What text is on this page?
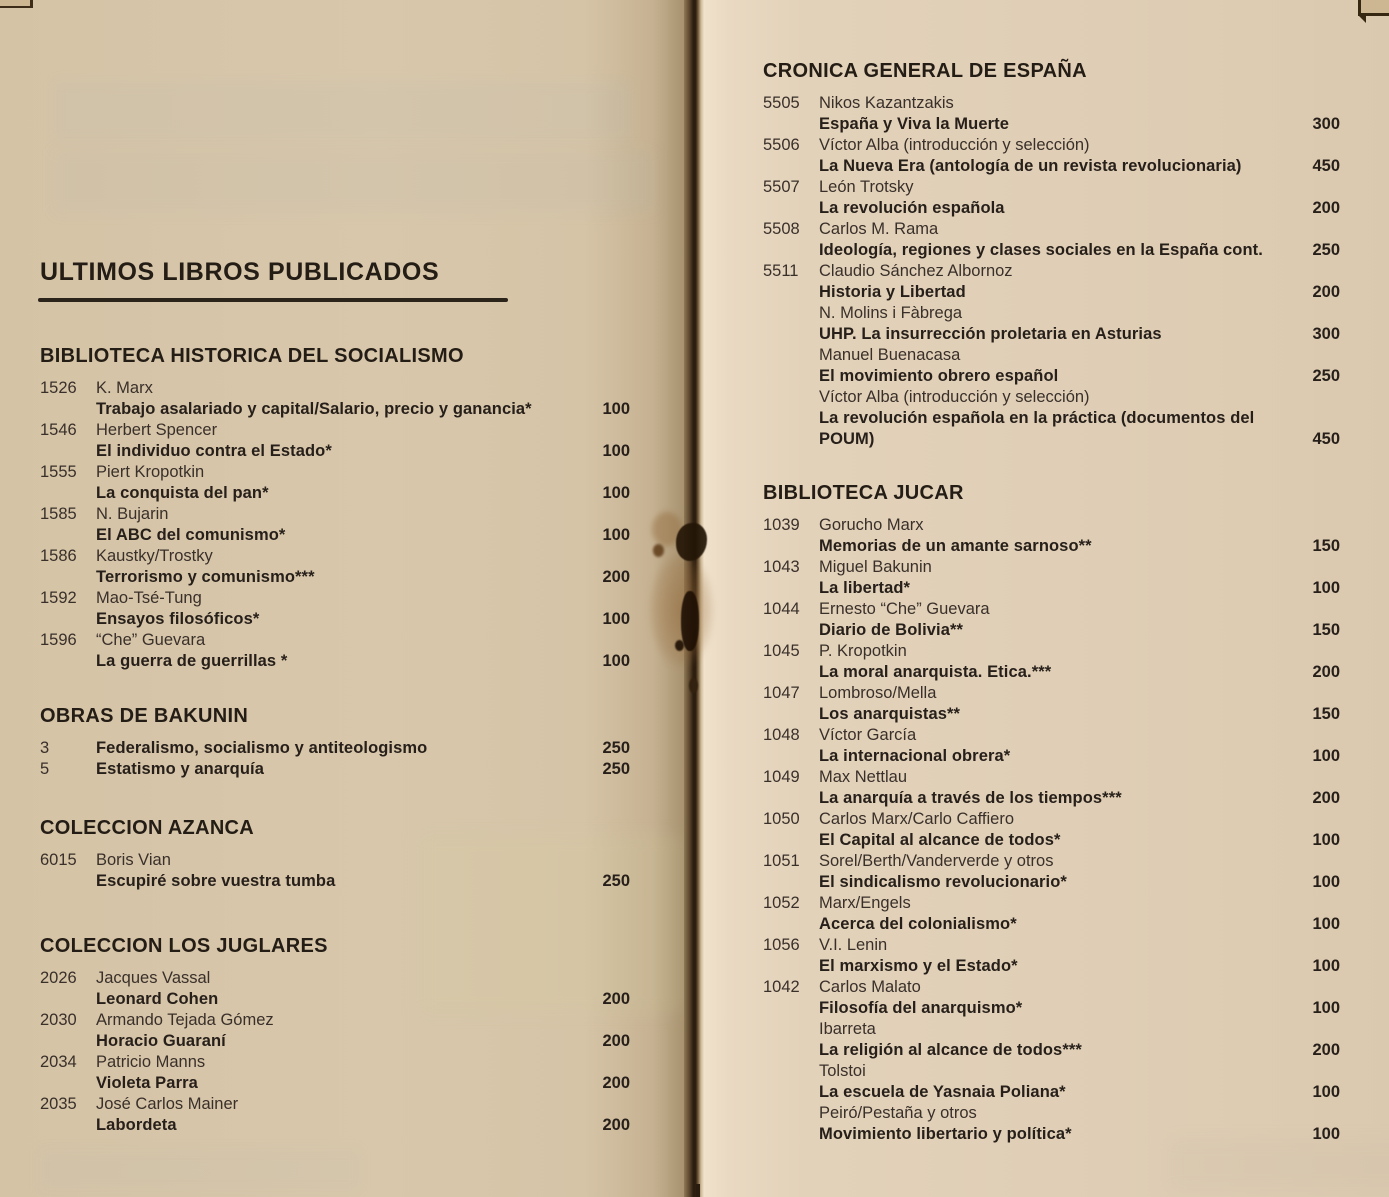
ULTIMOS LIBROS PUBLICADOS
BIBLIOTECA HISTORICA DEL SOCIALISMO
1526	K. Marx
Trabajo asalariado y capital/Salario, precio y ganancia*	100
1546	Herbert Spencer
El individuo contra el Estado*	100
1555	Piert Kropotkin
La conquista del pan*	100
1585	N. Bujarin
El ABC del comunismo*	100
1586	Kaustky/Trostky
Terrorismo y comunismo***	200
1592	Mao-Tsé-Tung
Ensayos filosóficos*	100
1596	“Che” Guevara
La guerra de guerrillas *	100
OBRAS DE BAKUNIN
3	Federalismo, socialismo y antiteologismo	250
5	Estatismo y anarquía	250
COLECCION AZANCA
6015	Boris Vian
Escupiré sobre vuestra tumba	250
COLECCION LOS JUGLARES
2026	Jacques Vassal
Leonard Cohen	200
2030	Armando Tejada Gómez
Horacio Guaraní	200
2034	Patricio Manns
Violeta Parra	200
2035	José Carlos Mainer
Labordeta	200
CRONICA GENERAL DE ESPAÑA
5505	Nikos Kazantzakis
España y Viva la Muerte	300
5506	Víctor Alba (introducción y selección)
La Nueva Era (antología de un revista revolucionaria)	450
5507	León Trotsky
La revolución española	200
5508	Carlos M. Rama
Ideología, regiones y clases sociales en la España cont.	250
5511	Claudio Sánchez Albornoz
Historia y Libertad	200
N. Molins i Fàbrega
UHP. La insurrección proletaria en Asturias	300
Manuel Buenacasa
El movimiento obrero español	250
Víctor Alba (introducción y selección)
La revolución española en la práctica (documentos del
POUM)	450
BIBLIOTECA JUCAR
1039	Gorucho Marx
Memorias de un amante sarnoso**	150
1043	Miguel Bakunin
La libertad*	100
1044	Ernesto “Che” Guevara
Diario de Bolivia**	150
1045	P. Kropotkin
La moral anarquista. Etica.***	200
1047	Lombroso/Mella
Los anarquistas**	150
1048	Víctor García
La internacional obrera*	100
1049	Max Nettlau
La anarquía a través de los tiempos***	200
1050	Carlos Marx/Carlo Caffiero
El Capital al alcance de todos*	100
1051	Sorel/Berth/Vanderverde y otros
El sindicalismo revolucionario*	100
1052	Marx/Engels
Acerca del colonialismo*	100
1056	V.I. Lenin
El marxismo y el Estado*	100
1042	Carlos Malato
Filosofía del anarquismo*	100
Ibarreta
La religión al alcance de todos***	200
Tolstoi
La escuela de Yasnaia Poliana*	100
Peiró/Pestaña y otros
Movimiento libertario y política*	100
